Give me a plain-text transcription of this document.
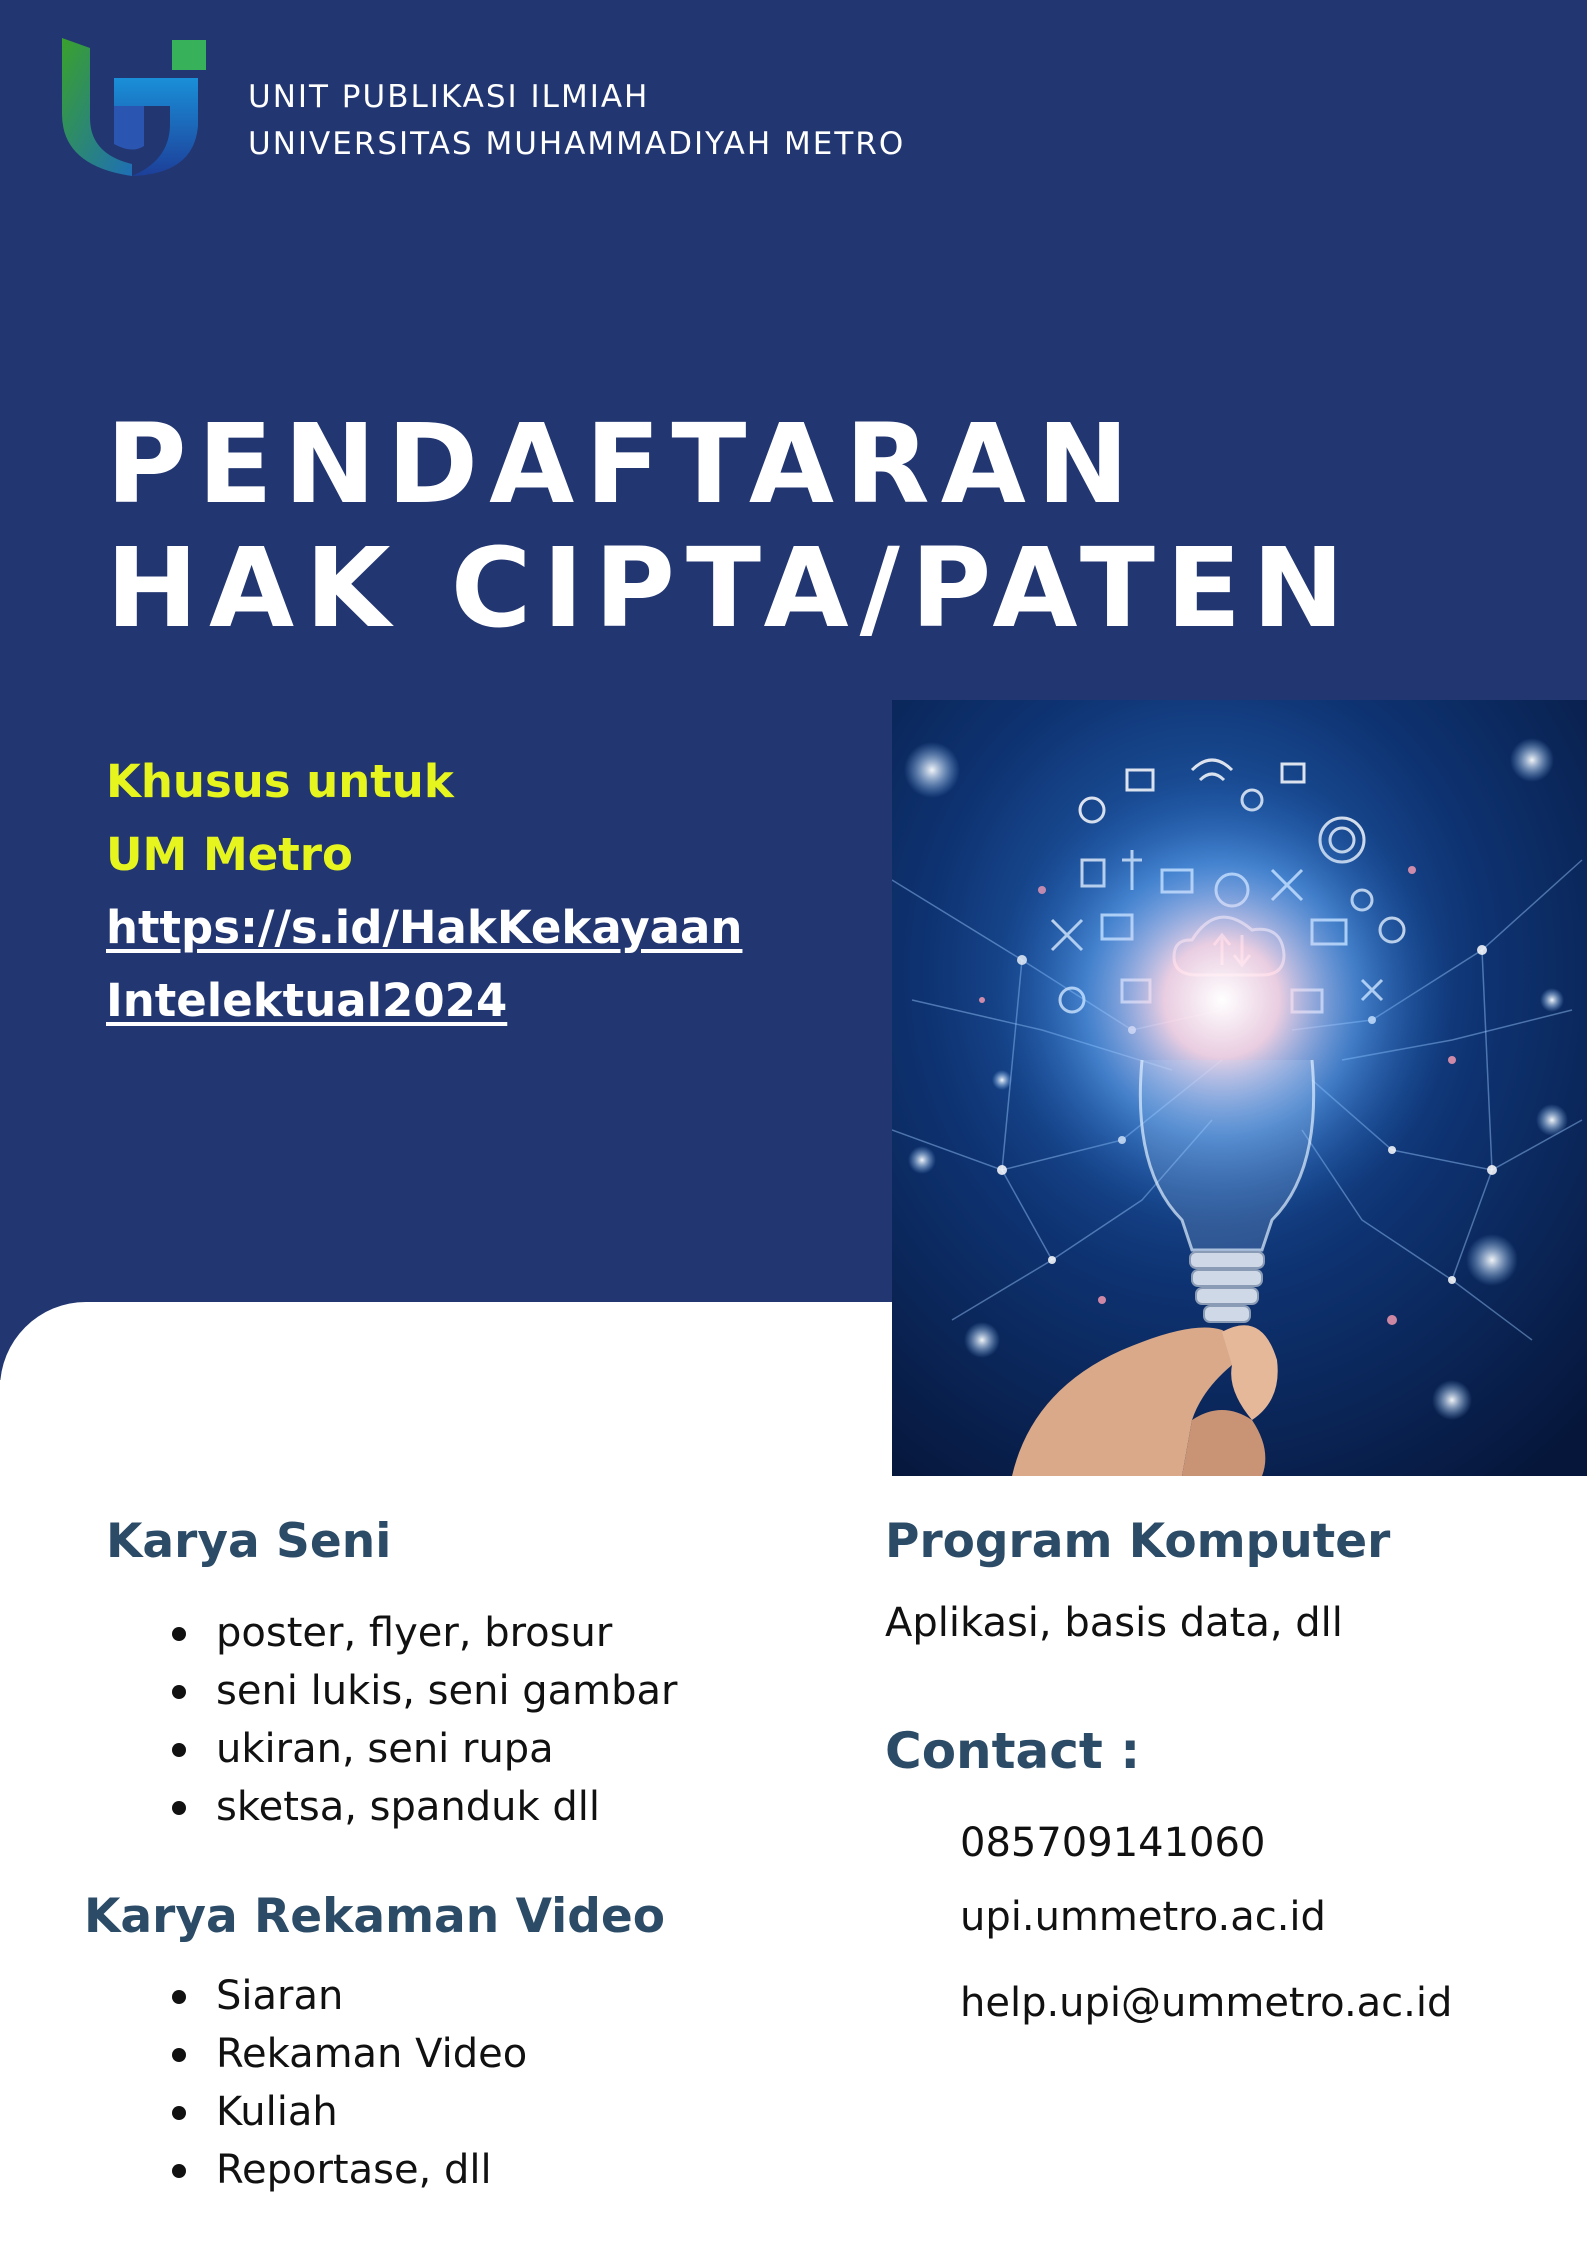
UNIT PUBLIKASI ILMIAH
UNIVERSITAS MUHAMMADIYAH METRO
PENDAFTARAN
HAK CIPTA/PATEN
Khusus untuk
UM Metro
https://s.id/HakKekayaanIntelektual2024
Karya Seni
poster, flyer, brosur
seni lukis, seni gambar
ukiran, seni rupa
sketsa, spanduk dll
Karya Rekaman Video
Siaran
Rekaman Video
Kuliah
Reportase, dll
Program Komputer
Aplikasi, basis data, dll
Contact :
085709141060
upi.ummetro.ac.id
help.upi@ummetro.ac.id
